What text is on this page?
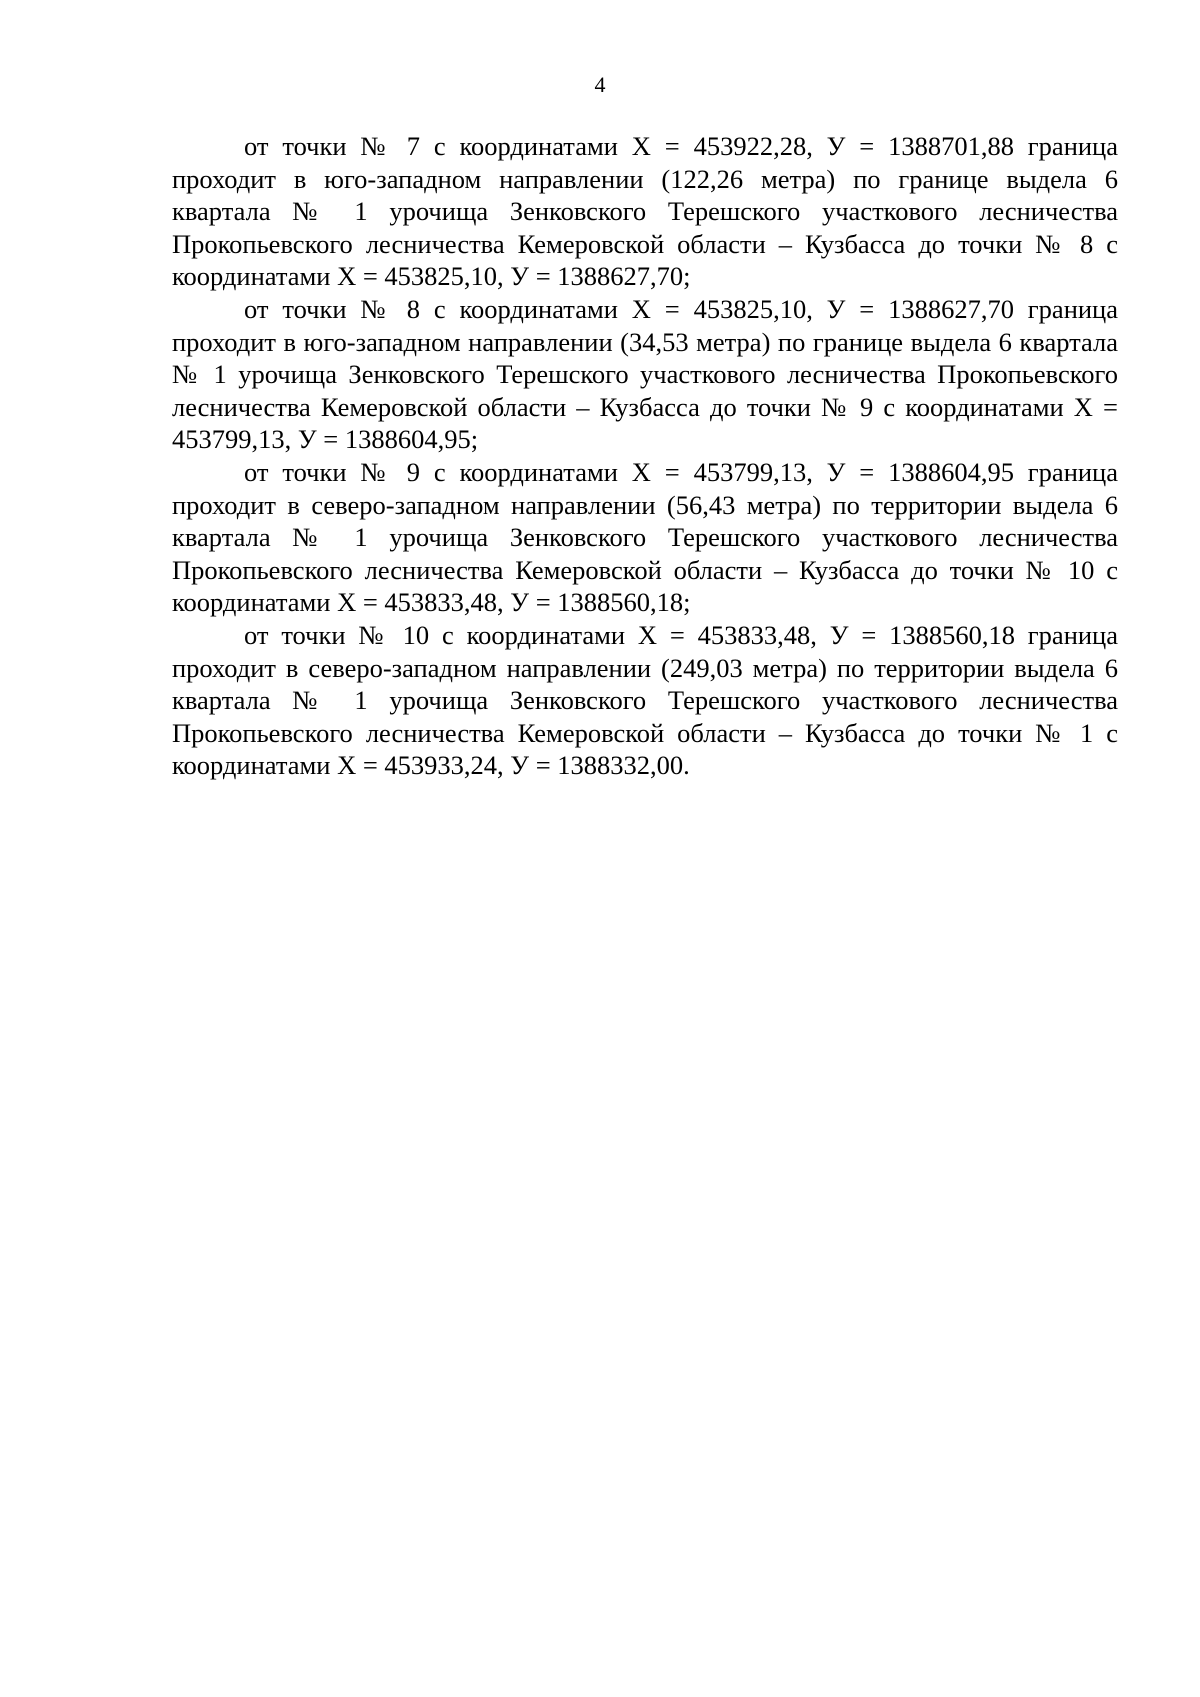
4

от точки № 7 с координатами Х = 453922,28, У = 1388701,88 граница проходит в юго-западном направлении (122,26 метра) по границе выдела 6 квартала № 1 урочища Зенковского Терешского участкового лесничества Прокопьевского лесничества Кемеровской области – Кузбасса до точки № 8 с координатами Х = 453825,10, У = 1388627,70;

от точки № 8 с координатами Х = 453825,10, У = 1388627,70 граница проходит в юго-западном направлении (34,53 метра) по границе выдела 6 квартала № 1 урочища Зенковского Терешского участкового лесничества Прокопьевского лесничества Кемеровской области – Кузбасса до точки № 9 с координатами Х = 453799,13, У = 1388604,95;

от точки № 9 с координатами Х = 453799,13, У = 1388604,95 граница проходит в северо-западном направлении (56,43 метра) по территории выдела 6 квартала № 1 урочища Зенковского Терешского участкового лесничества Прокопьевского лесничества Кемеровской области – Кузбасса до точки № 10 с координатами Х = 453833,48, У = 1388560,18;

от точки № 10 с координатами Х = 453833,48, У = 1388560,18 граница проходит в северо-западном направлении (249,03 метра) по территории выдела 6 квартала № 1 урочища Зенковского Терешского участкового лесничества Прокопьевского лесничества Кемеровской области – Кузбасса до точки № 1 с координатами Х = 453933,24, У = 1388332,00.
